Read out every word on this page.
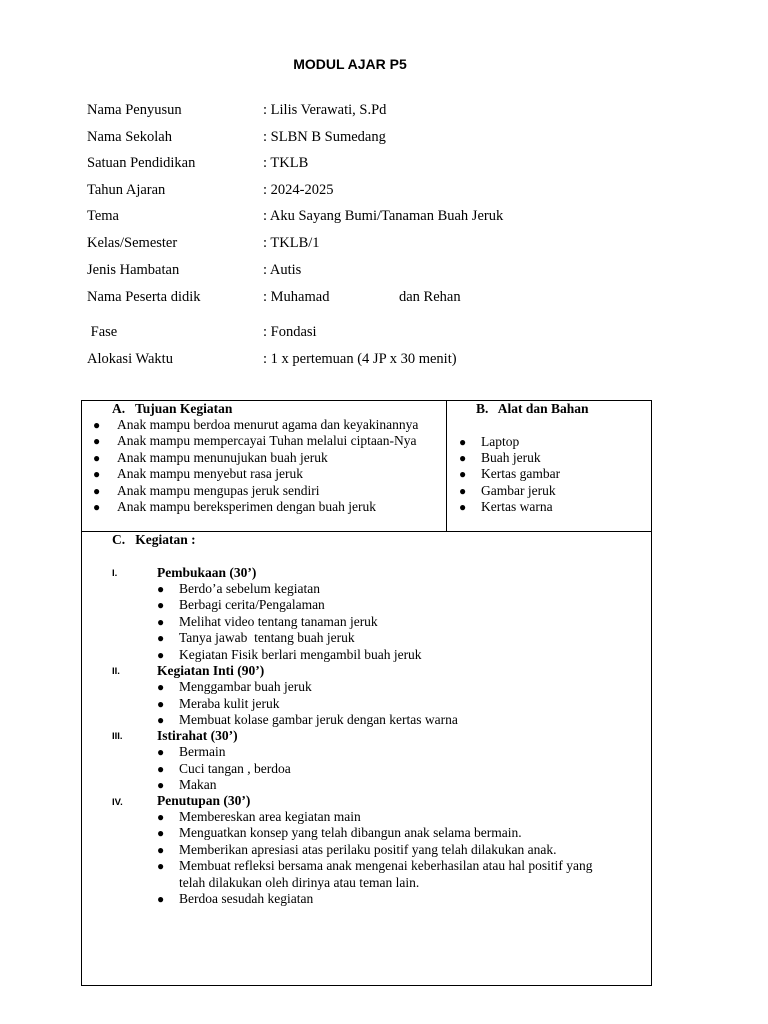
MODUL AJAR P5
Nama Penyusun	: Lilis Verawati, S.Pd
Nama Sekolah	: SLBN B Sumedang
Satuan Pendidikan	: TKLB
Tahun Ajaran	: 2024-2025
Tema	: Aku Sayang Bumi/Tanaman Buah Jeruk
Kelas/Semester	: TKLB/1
Jenis Hambatan	: Autis
Nama Peserta didik	: Muhamad	dan Rehan
Fase	: Fondasi
Alokasi Waktu	: 1 x pertemuan (4 JP x 30 menit)
A.   Tujuan Kegiatan
● Anak mampu berdoa menurut agama dan keyakinannya
● Anak mampu mempercayai Tuhan melalui ciptaan-Nya
● Anak mampu menunujukan buah jeruk
● Anak mampu menyebut rasa jeruk
● Anak mampu mengupas jeruk sendiri
● Anak mampu bereksperimen dengan buah jeruk
B.   Alat dan Bahan
● Laptop
● Buah jeruk
● Kertas gambar
● Gambar jeruk
● Kertas warna
C.   Kegiatan :
I.	Pembukaan (30’)
● Berdo’a sebelum kegiatan
● Berbagi cerita/Pengalaman
● Melihat video tentang tanaman jeruk
● Tanya jawab  tentang buah jeruk
● Kegiatan Fisik berlari mengambil buah jeruk
II.	Kegiatan Inti (90’)
● Menggambar buah jeruk
● Meraba kulit jeruk
● Membuat kolase gambar jeruk dengan kertas warna
III.	Istirahat (30’)
● Bermain
● Cuci tangan , berdoa
● Makan
IV.	Penutupan (30’)
● Membereskan area kegiatan main
● Menguatkan konsep yang telah dibangun anak selama bermain.
● Memberikan apresiasi atas perilaku positif yang telah dilakukan anak.
● Membuat refleksi bersama anak mengenai keberhasilan atau hal positif yang
telah dilakukan oleh dirinya atau teman lain.
● Berdoa sesudah kegiatan
